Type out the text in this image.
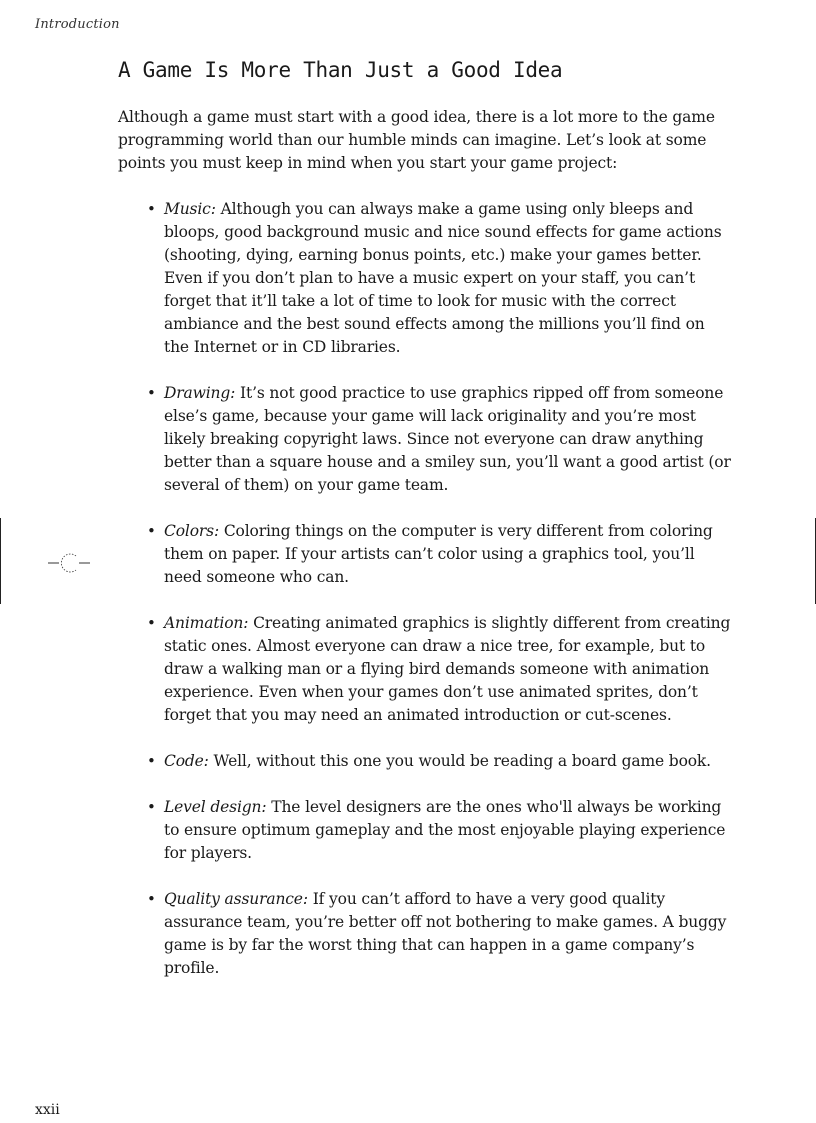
Introduction
A Game Is More Than Just a Good Idea

Although a game must start with a good idea, there is a lot more to the game programming world than our humble minds can imagine. Let’s look at some points you must keep in mind when you start your game project:

• Music: Although you can always make a game using only bleeps and bloops, good background music and nice sound effects for game actions (shooting, dying, earning bonus points, etc.) make your games better. Even if you don’t plan to have a music expert on your staff, you can’t forget that it’ll take a lot of time to look for music with the correct ambiance and the best sound effects among the millions you’ll find on the Internet or in CD libraries.
• Drawing: It’s not good practice to use graphics ripped off from someone else’s game, because your game will lack originality and you’re most likely breaking copyright laws. Since not everyone can draw anything better than a square house and a smiley sun, you’ll want a good artist (or several of them) on your game team.
• Colors: Coloring things on the computer is very different from coloring them on paper. If your artists can’t color using a graphics tool, you’ll need someone who can.
• Animation: Creating animated graphics is slightly different from creating static ones. Almost everyone can draw a nice tree, for example, but to draw a walking man or a flying bird demands someone with animation experience. Even when your games don’t use animated sprites, don’t forget that you may need an animated introduction or cut-scenes.
• Code: Well, without this one you would be reading a board game book.
• Level design: The level designers are the ones who'll always be working to ensure optimum gameplay and the most enjoyable playing experience for players.
• Quality assurance: If you can’t afford to have a very good quality assurance team, you’re better off not bothering to make games. A buggy game is by far the worst thing that can happen in a game company’s profile.
xxii
